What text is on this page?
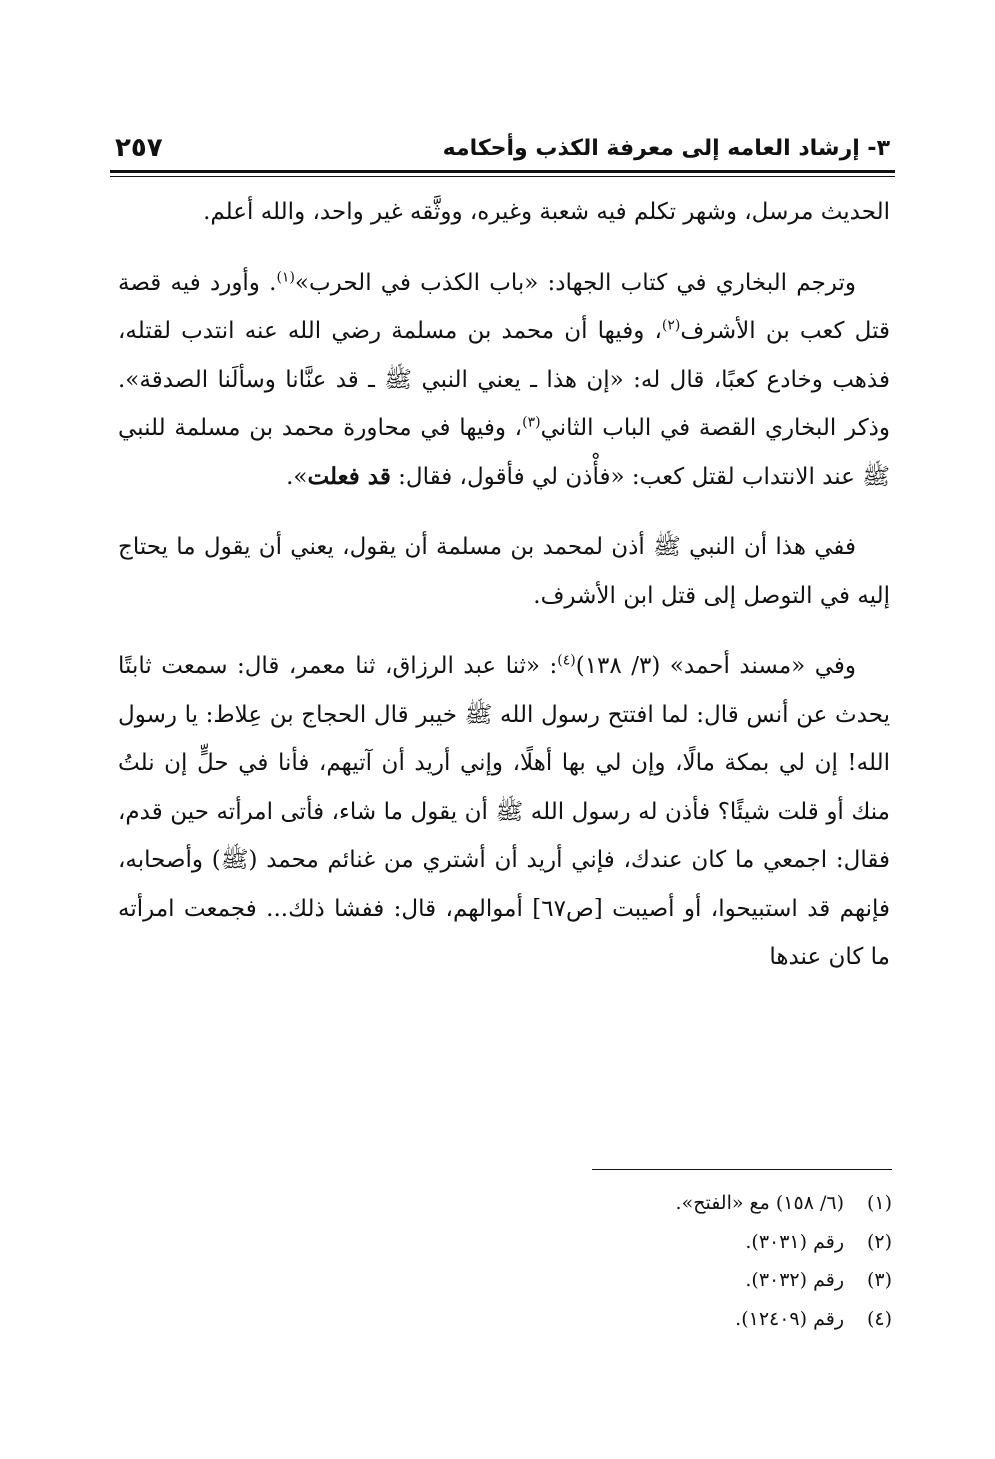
٣- إرشاد العامه إلى معرفة الكذب وأحكامه
٢٥٧

الحديث مرسل، وشهر تكلم فيه شعبة وغيره، ووثَّقه غير واحد، والله أعلم.

وترجم البخاري في كتاب الجهاد: «باب الكذب في الحرب»$^{(١)}$. وأورد فيه قصة قتل كعب بن الأشرف$^{(٢)}$، وفيها أن محمد بن مسلمة رضي الله عنه انتدب لقتله، فذهب وخادع كعبًا، قال له: «إن هذا ـ يعني النبي ﷺ ـ قد عنَّانا وسألَنا الصدقة». وذكر البخاري القصة في الباب الثاني$^{(٣)}$، وفيها في محاورة محمد بن مسلمة للنبي ﷺ عند الانتداب لقتل كعب: «فأْذن لي فأقول، فقال: قد فعلت».

ففي هذا أن النبي ﷺ أذن لمحمد بن مسلمة أن يقول، يعني أن يقول ما يحتاج إليه في التوصل إلى قتل ابن الأشرف.

وفي «مسند أحمد» (٣/ ١٣٨)$^{(٤)}$: «ثنا عبد الرزاق، ثنا معمر، قال: سمعت ثابتًا يحدث عن أنس قال: لما افتتح رسول الله ﷺ خيبر قال الحجاج بن عِلاط: يا رسول الله! إن لي بمكة مالًا، وإن لي بها أهلًا، وإني أريد أن آتيهم، فأنا في حلٍّ إن نلتُ منك أو قلت شيئًا؟ فأذن له رسول الله ﷺ أن يقول ما شاء، فأتى امرأته حين قدم، فقال: اجمعي ما كان عندك، فإني أريد أن أشتري من غنائم محمد (ﷺ) وأصحابه، فإنهم قد استبيحوا، أو أصيبت [ص٦٧] أموالهم، قال: ففشا ذلك... فجمعت امرأته ما كان عندها

(١)
(٦/ ١٥٨) مع «الفتح».
(٢)
رقم (٣٠٣١).
(٣)
رقم (٣٠٣٢).
(٤)
رقم (١٢٤٠٩).
